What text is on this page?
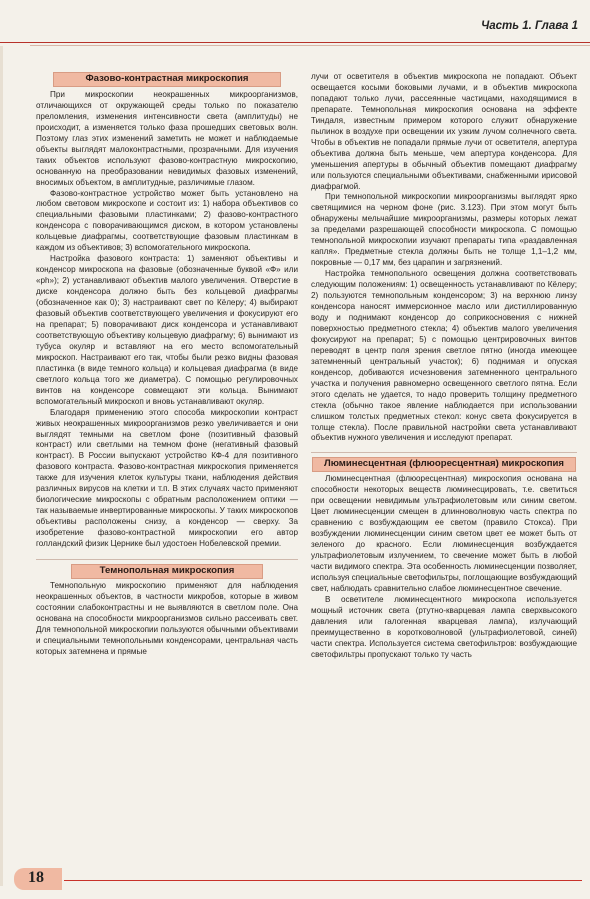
Часть 1. Глава 1
Фазово-контрастная микроскопия

При микроскопии неокрашенных микроорганизмов, отличающихся от окружающей среды только по показателю преломления, изменения интенсивности света (амплитуды) не происходит, а изменяется только фаза прошедших световых волн. Поэтому глаз этих изменений заметить не может и наблюдаемые объекты выглядят малоконтрастными, прозрачными. Для изучения таких объектов используют фазово-контрастную микроскопию, основанную на преобразовании невидимых фазовых изменений, вносимых объектом, в амплитудные, различимые глазом.

Фазово-контрастное устройство может быть установлено на любом световом микроскопе и состоит из: 1) набора объективов со специальными фазовыми пластинками; 2) фазово-контрастного конденсора с поворачивающимся диском, в котором установлены кольцевые диафрагмы, соответствующие фазовым пластинкам в каждом из объективов; 3) вспомогательного микроскопа.

Настройка фазового контраста: 1) заменяют объективы и конденсор микроскопа на фазовые (обозначенные буквой «Ф» или «ph»); 2) устанавливают объектив малого увеличения. Отверстие в диске конденсора должно быть без кольцевой диафрагмы (обозначенное как 0); 3) настраивают свет по Кёлеру; 4) выбирают фазовый объектив соответствующего увеличения и фокусируют его на препарат; 5) поворачивают диск конденсора и устанавливают соответствующую объективу кольцевую диафрагму; 6) вынимают из тубуса окуляр и вставляют на его место вспомогательный микроскоп. Настраивают его так, чтобы были резко видны фазовая пластинка (в виде темного кольца) и кольцевая диафрагма (в виде светлого кольца того же диаметра). С помощью регулировочных винтов на конденсоре совмещают эти кольца. Вынимают вспомогательный микроскоп и вновь устанавливают окуляр.

Благодаря применению этого способа микроскопии контраст живых неокрашенных микроорганизмов резко увеличивается и они выглядят темными на светлом фоне (позитивный фазовый контраст) или светлыми на темном фоне (негативный фазовый контраст). В России выпускают устройство КФ-4 для позитивного фазового контраста. Фазово-контрастная микроскопия применяется также для изучения клеток культуры ткани, наблюдения действия различных вирусов на клетки и т.п. В этих случаях часто применяют биологические микроскопы с обратным расположением оптики — так называемые инвертированные микроскопы. У таких микроскопов объективы расположены снизу, а конденсор — сверху. За изобретение фазово-контрастной микроскопии его автор голландский физик Цернике был удостоен Нобелевской премии.

Темнопольная микроскопия

Темнопольную микроскопию применяют для наблюдения неокрашенных объектов, в частности микробов, которые в живом состоянии слабоконтрастны и не выявляются в светлом поле. Она основана на способности микроорганизмов сильно рассеивать свет. Для темнопольной микроскопии пользуются обычными объективами и специальными темнопольными конденсорами, центральная часть которых затемнена и прямые

лучи от осветителя в объектив микроскопа не попадают. Объект освещается косыми боковыми лучами, и в объектив микроскопа попадают только лучи, рассеянные частицами, находящимися в препарате. Темнопольная микроскопия основана на эффекте Тиндаля, известным примером которого служит обнаружение пылинок в воздухе при освещении их узким лучом солнечного света. Чтобы в объектив не попадали прямые лучи от осветителя, апертура объектива должна быть меньше, чем апертура конденсора. Для уменьшения апертуры в обычный объектив помещают диафрагму или пользуются специальными объективами, снабженными ирисовой диафрагмой.

При темнопольной микроскопии микроорганизмы выглядят ярко светящимися на черном фоне (рис. 3.123). При этом могут быть обнаружены мельчайшие микроорганизмы, размеры которых лежат за пределами разрешающей способности микроскопа. С помощью темнопольной микроскопии изучают препараты типа «раздавленная капля». Предметные стекла должны быть не толще 1,1–1,2 мм, покровные — 0,17 мм, без царапин и загрязнений.

Настройка темнопольного освещения должна соответствовать следующим положениям: 1) освещенность устанавливают по Кёлеру; 2) пользуются темнопольным конденсором; 3) на верхнюю линзу конденсора наносят иммерсионное масло или дистиллированную воду и поднимают конденсор до соприкосновения с нижней поверхностью предметного стекла; 4) объектив малого увеличения фокусируют на препарат; 5) с помощью центрировочных винтов переводят в центр поля зрения светлое пятно (иногда имеющее затемненный центральный участок); 6) поднимая и опуская конденсор, добиваются исчезновения затемненного центрального участка и получения равномерно освещенного светлого пятна. Если этого сделать не удается, то надо проверить толщину предметного стекла (обычно такое явление наблюдается при использовании слишком толстых предметных стекол: конус света фокусируется в толще стекла). После правильной настройки света устанавливают объектив нужного увеличения и исследуют препарат.

Люминесцентная (флюоресцентная) микроскопия

Люминесцентная (флюоресцентная) микроскопия основана на способности некоторых веществ люминесцировать, т.е. светиться при освещении невидимым ультрафиолетовым или синим светом. Цвет люминесценции смещен в длинноволновую часть спектра по сравнению с возбуждающим ее светом (правило Стокса). При возбуждении люминесценции синим светом цвет ее может быть от зеленого до красного. Если люминесценция возбуждается ультрафиолетовым излучением, то свечение может быть в любой части видимого спектра. Эта особенность люминесценции позволяет, используя специальные светофильтры, поглощающие возбуждающий свет, наблюдать сравнительно слабое люминесцентное свечение.

В осветителе люминесцентного микроскопа используется мощный источник света (ртутно-кварцевая лампа сверхвысокого давления или галогенная кварцевая лампа), излучающий преимущественно в коротковолновой (ультрафиолетовой, синей) части спектра. Используется система светофильтров: возбуждающие светофильтры пропускают только ту часть

18
